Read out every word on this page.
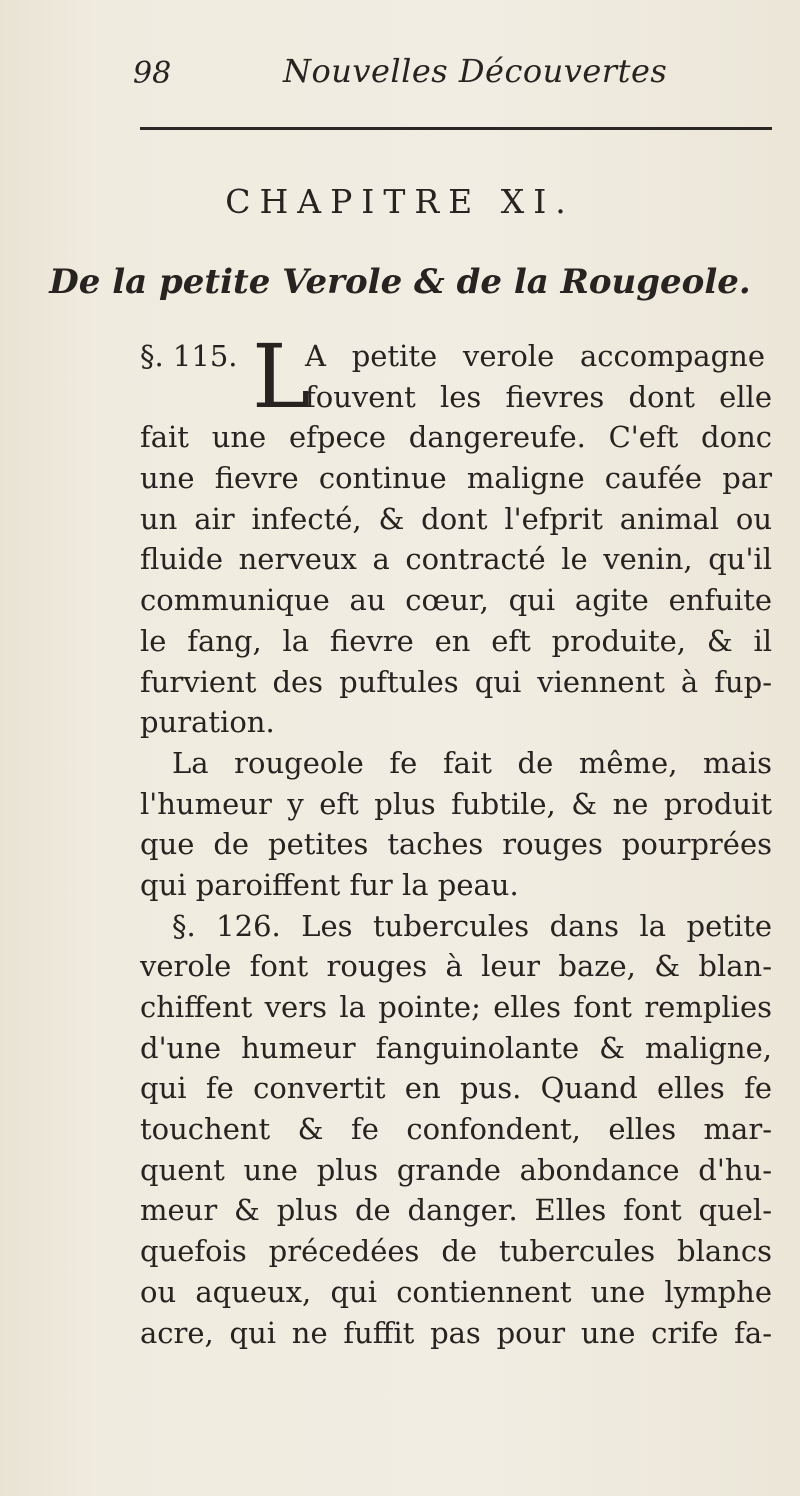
98	Nouvelles Découvertes
CHAPITRE XI.
De la petite Verole & de la Rougeole.
L
§. 115. A petite verole accompagne
fouvent les fievres dont elle
fait une efpece dangereufe. C'eft donc
une fievre continue maligne caufée par
un air infecté, & dont l'efprit animal ou
fluide nerveux a contracté le venin, qu'il
communique au cœur, qui agite enfuite
le fang, la fievre en eft produite, & il
furvient des puftules qui viennent à fup-
puration.
La rougeole fe fait de même, mais
l'humeur y eft plus fubtile, & ne produit
que de petites taches rouges pourprées
qui paroiffent fur la peau.
§. 126. Les tubercules dans la petite
verole font rouges à leur baze, & blan-
chiffent vers la pointe; elles font remplies
d'une humeur fanguinolante & maligne,
qui fe convertit en pus. Quand elles fe
touchent & fe confondent, elles mar-
quent une plus grande abondance d'hu-
meur & plus de danger. Elles font quel-
quefois précedées de tubercules blancs
ou aqueux, qui contiennent une lymphe
acre, qui ne fuffit pas pour une crife fa-
